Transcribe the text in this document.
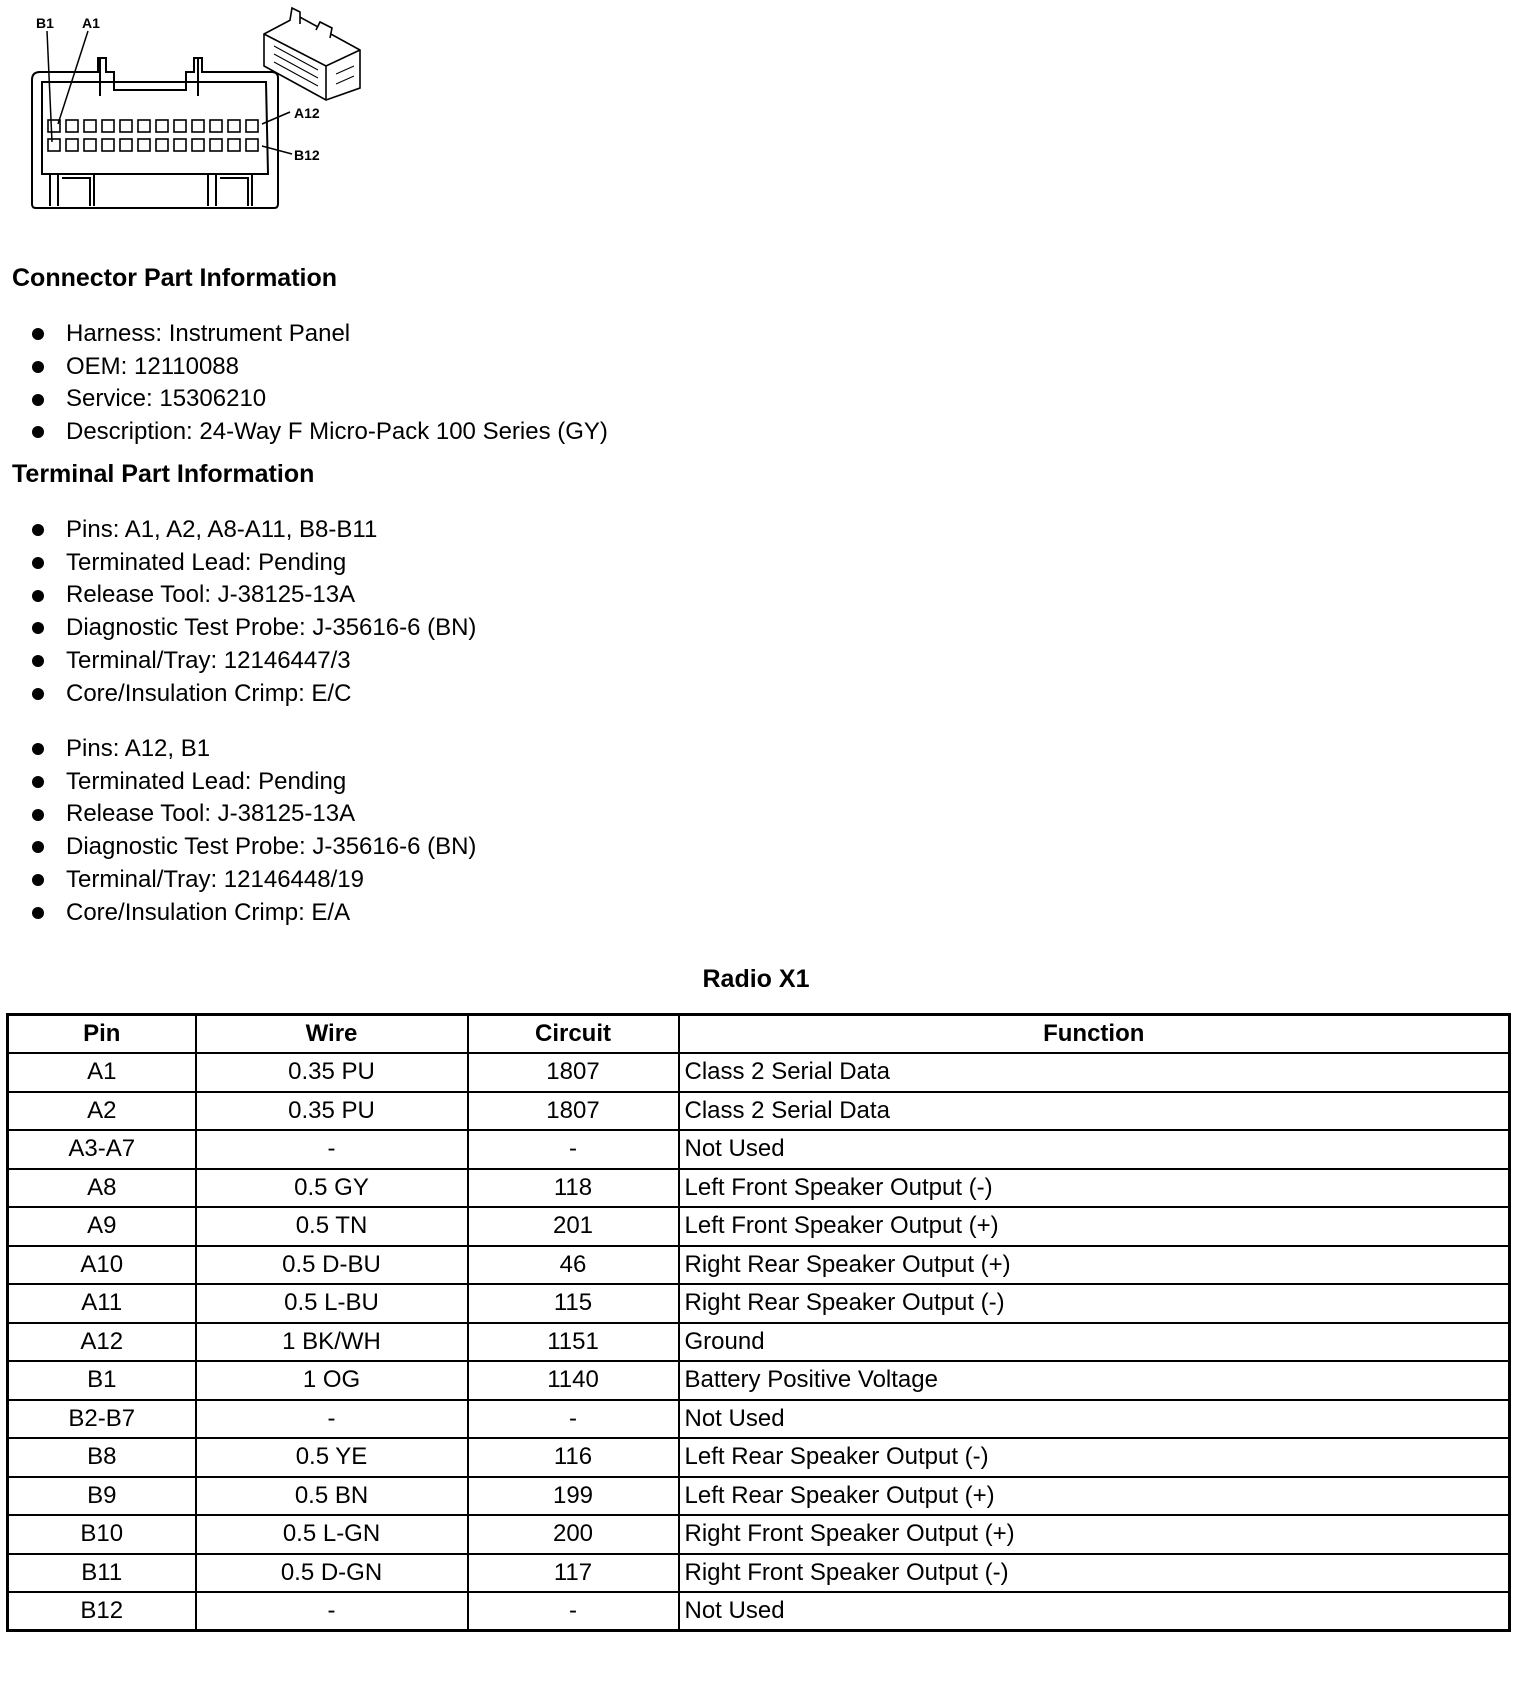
B1 A1
A12
B12
Connector Part Information
Harness: Instrument Panel
OEM: 12110088
Service: 15306210
Description: 24-Way F Micro-Pack 100 Series (GY)
Terminal Part Information
Pins: A1, A2, A8-A11, B8-B11
Terminated Lead: Pending
Release Tool: J-38125-13A
Diagnostic Test Probe: J-35616-6 (BN)
Terminal/Tray: 12146447/3
Core/Insulation Crimp: E/C
Pins: A12, B1
Terminated Lead: Pending
Release Tool: J-38125-13A
Diagnostic Test Probe: J-35616-6 (BN)
Terminal/Tray: 12146448/19
Core/Insulation Crimp: E/A
Radio X1
Pin	Wire	Circuit	Function
A1	0.35 PU	1807	Class 2 Serial Data
A2	0.35 PU	1807	Class 2 Serial Data
A3-A7	-	-	Not Used
A8	0.5 GY	118	Left Front Speaker Output (-)
A9	0.5 TN	201	Left Front Speaker Output (+)
A10	0.5 D-BU	46	Right Rear Speaker Output (+)
A11	0.5 L-BU	115	Right Rear Speaker Output (-)
A12	1 BK/WH	1151	Ground
B1	1 OG	1140	Battery Positive Voltage
B2-B7	-	-	Not Used
B8	0.5 YE	116	Left Rear Speaker Output (-)
B9	0.5 BN	199	Left Rear Speaker Output (+)
B10	0.5 L-GN	200	Right Front Speaker Output (+)
B11	0.5 D-GN	117	Right Front Speaker Output (-)
B12	-	-	Not Used
